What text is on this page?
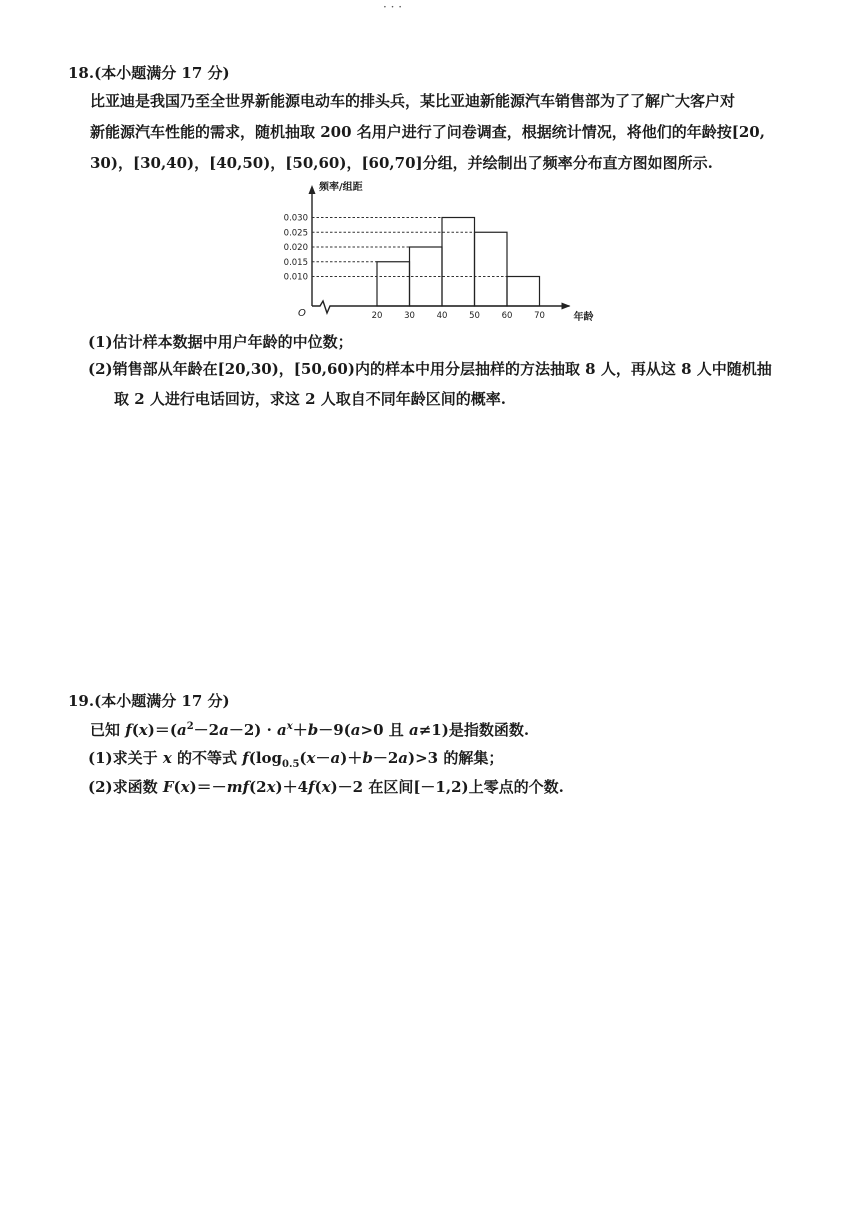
· · ·
18.(本小题满分 17 分)
比亚迪是我国乃至全世界新能源电动车的排头兵，某比亚迪新能源汽车销售部为了了解广大客户对
新能源汽车性能的需求，随机抽取 200 名用户进行了问卷调查，根据统计情况，将他们的年龄按[20,
30)，[30,40)，[40,50)，[50,60)，[60,70]分组，并绘制出了频率分布直方图如图所示.
频率/组距
年龄
O
0.010
0.015
0.020
0.025
0.030
20	30	40	50	60	70
(1)估计样本数据中用户年龄的中位数；
(2)销售部从年龄在[20,30)，[50,60)内的样本中用分层抽样的方法抽取 8 人，再从这 8 人中随机抽
取 2 人进行电话回访，求这 2 人取自不同年龄区间的概率.
19.(本小题满分 17 分)
已知 $f(x)=(a^2-2a-2) \cdot a^x+b-9(a>0$ 且 a≠1)是指数函数.
(1)求关于 x 的不等式 $f(\log_{0.5}(x-a)+b-2a)>3$ 的解集；
(2)求函数 F(x)＝－mf(2x)＋4f(x)－2 在区间[－1,2)上零点的个数.
